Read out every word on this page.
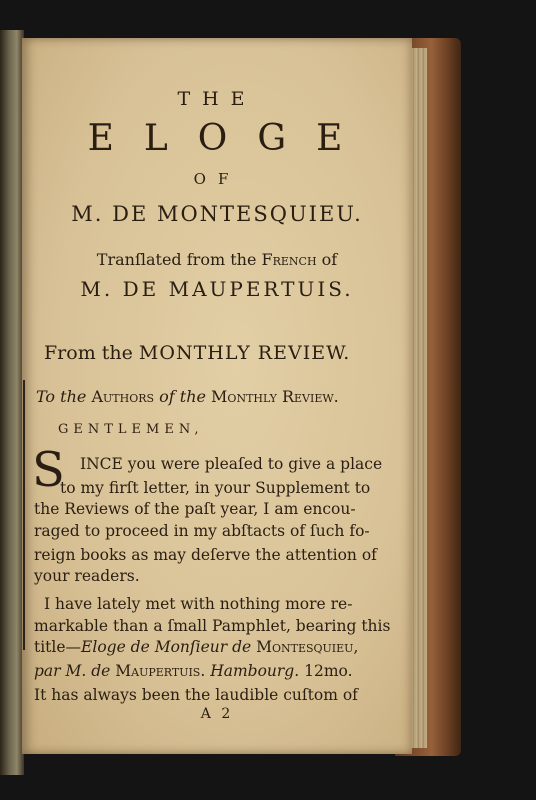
THE
ELOGE
OF
M. DE MONTESQUIEU.
Tranſlated from the French of
M. DE MAUPERTUIS.
From the MONTHLY REVIEW.
To the Authors of the Monthly Review.
GENTLEMEN,
S INCE you were pleaſed to give a place
to my firſt letter, in your Supplement to
the Reviews of the paſt year, I am encou-
raged to proceed in my abſtacts of ſuch fo-
reign books as may deſerve the attention of
your readers.
I have lately met with nothing more re-
markable than a ſmall Pamphlet, bearing this
title—Eloge de Monſieur de Montesquieu,
par M. de Maupertuis. Hambourg. 12mo.
It has always been the laudible cuſtom of
A 2
